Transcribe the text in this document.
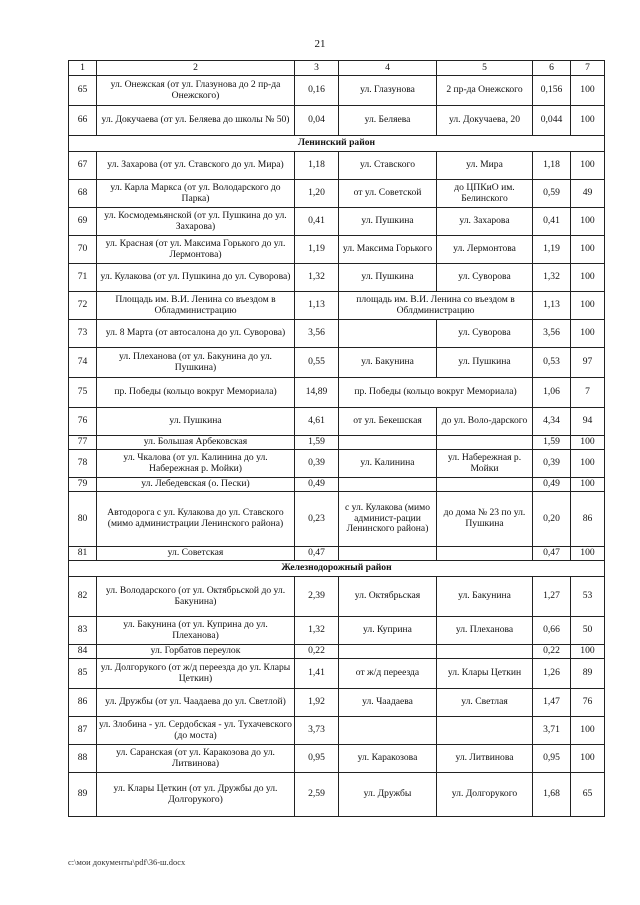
21
1	2	3	4	5	6	7
65	ул. Онежская (от ул. Глазунова до 2 пр-да Онежского)	0,16	ул. Глазунова	2 пр-да Онежского	0,156	100
66	ул. Докучаева (от ул. Беляева до школы № 50)	0,04	ул. Беляева	ул. Докучаева, 20	0,044	100
Ленинский район						
67	ул. Захарова (от ул. Ставского до ул. Мира)	1,18	ул. Ставского	ул. Мира	1,18	100
68	ул. Карла Маркса (от ул. Володарского до Парка)	1,20	от ул. Советской	до ЦПКиО им. Белинского	0,59	49
69	ул. Космодемьянской (от ул. Пушкина до ул. Захарова)	0,41	ул. Пушкина	ул. Захарова	0,41	100
70	ул. Красная (от ул. Максима Горького до ул. Лермонтова)	1,19	ул. Максима Горького	ул. Лермонтова	1,19	100
71	ул. Кулакова (от ул. Пушкина до ул. Суворова)	1,32	ул. Пушкина	ул. Суворова	1,32	100
72	Площадь им. В.И. Ленина со въездом в Обладминистрацию	1,13	площадь им. В.И. Ленина со въездом в Облдминистрацию		1,13	100
73	ул. 8 Марта (от автосалона до ул. Суворова)	3,56		ул. Суворова	3,56	100
74	ул. Плеханова (от ул. Бакунина до ул. Пушкина)	0,55	ул. Бакунина	ул. Пушкина	0,53	97
75	пр. Победы (кольцо вокруг Мемориала)	14,89	пр. Победы (кольцо вокруг Мемориала)		1,06	7
76	ул. Пушкина	4,61	от ул. Бекешская	до ул. Воло-дарского	4,34	94
77	ул. Большая Арбековская	1,59			1,59	100
78	ул. Чкалова (от ул. Калинина до ул. Набережная р. Мойки)	0,39	ул. Калинина	ул. Набережная р. Мойки	0,39	100
79	ул. Лебедевская (о. Пески)	0,49			0,49	100
80	Автодорога с ул. Кулакова до ул. Ставского (мимо администрации Ленинского района)	0,23	с ул. Кулакова (мимо админист-рации Ленинского района)	до дома № 23 по ул. Пушкина	0,20	86
81	ул. Советская	0,47			0,47	100
Железнодорожный район						
82	ул. Володарского (от ул. Октябрьской до ул. Бакунина)	2,39	ул. Октябрьская	ул. Бакунина	1,27	53
83	ул. Бакунина (от ул. Куприна до ул. Плеханова)	1,32	ул. Куприна	ул. Плеханова	0,66	50
84	ул. Горбатов переулок	0,22			0,22	100
85	ул. Долгорукого (от ж/д переезда до ул. Клары Цеткин)	1,41	от ж/д переезда	ул. Клары Цеткин	1,26	89
86	ул. Дружбы (от ул. Чаадаева до ул. Светлой)	1,92	ул. Чаадаева	ул. Светлая	1,47	76
87	ул. Злобина - ул. Сердобская - ул. Тухачевского (до моста)	3,73			3,71	100
88	ул. Саранская (от ул. Каракозова до ул. Литвинова)	0,95	ул. Каракозова	ул. Литвинова	0,95	100
89	ул. Клары Цеткин (от ул. Дружбы до ул. Долгорукого)	2,59	ул. Дружбы	ул. Долгорукого	1,68	65
c:\мои документы\pdf\36-ш.docx
